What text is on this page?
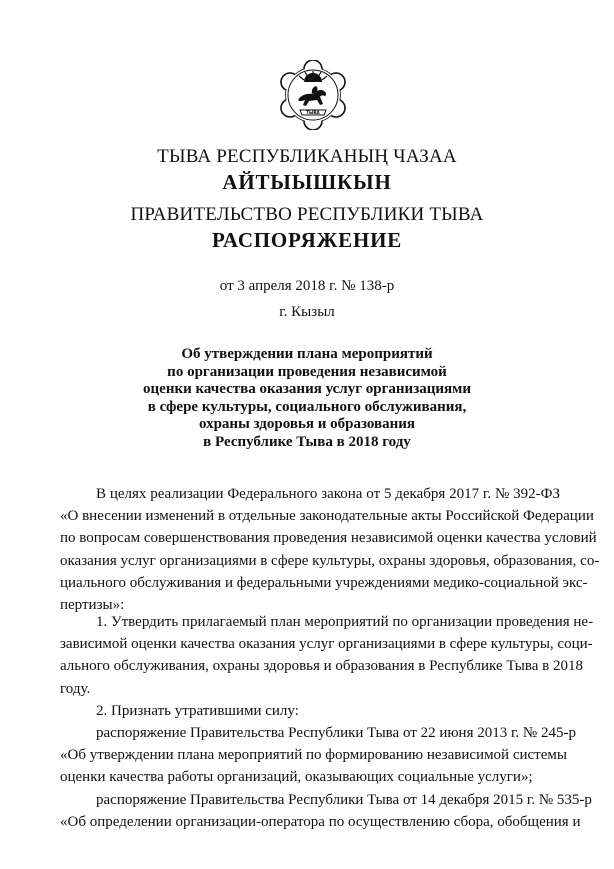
ТЫВА
ТЫВА РЕСПУБЛИКАНЫҢ ЧАЗАА
АЙТЫЫШКЫН
ПРАВИТЕЛЬСТВО РЕСПУБЛИКИ ТЫВА
РАСПОРЯЖЕНИЕ
от 3 апреля 2018 г. № 138-р
г. Кызыл
Об утверждении плана мероприятий
по организации проведения независимой
оценки качества оказания услуг организациями
в сфере культуры, социального обслуживания,
охраны здоровья и образования
в Республике Тыва в 2018 году
В целях реализации Федерального закона от 5 декабря 2017 г. № 392-ФЗ
«О внесении изменений в отдельные законодательные акты Российской Федерации
по вопросам совершенствования проведения независимой оценки качества условий
оказания услуг организациями в сфере культуры, охраны здоровья, образования, со-
циального обслуживания и федеральными учреждениями медико-социальной экс-
пертизы»:
1. Утвердить прилагаемый план мероприятий по организации проведения не-
зависимой оценки качества оказания услуг организациями в сфере культуры, соци-
ального обслуживания, охраны здоровья и образования в Республике Тыва в 2018
году.
2. Признать утратившими силу:
распоряжение Правительства Республики Тыва от 22 июня 2013 г. № 245-р
«Об утверждении плана мероприятий по формированию независимой системы
оценки качества работы организаций, оказывающих социальные услуги»;
распоряжение Правительства Республики Тыва от 14 декабря 2015 г. № 535-р
«Об определении организации-оператора по осуществлению сбора, обобщения и
